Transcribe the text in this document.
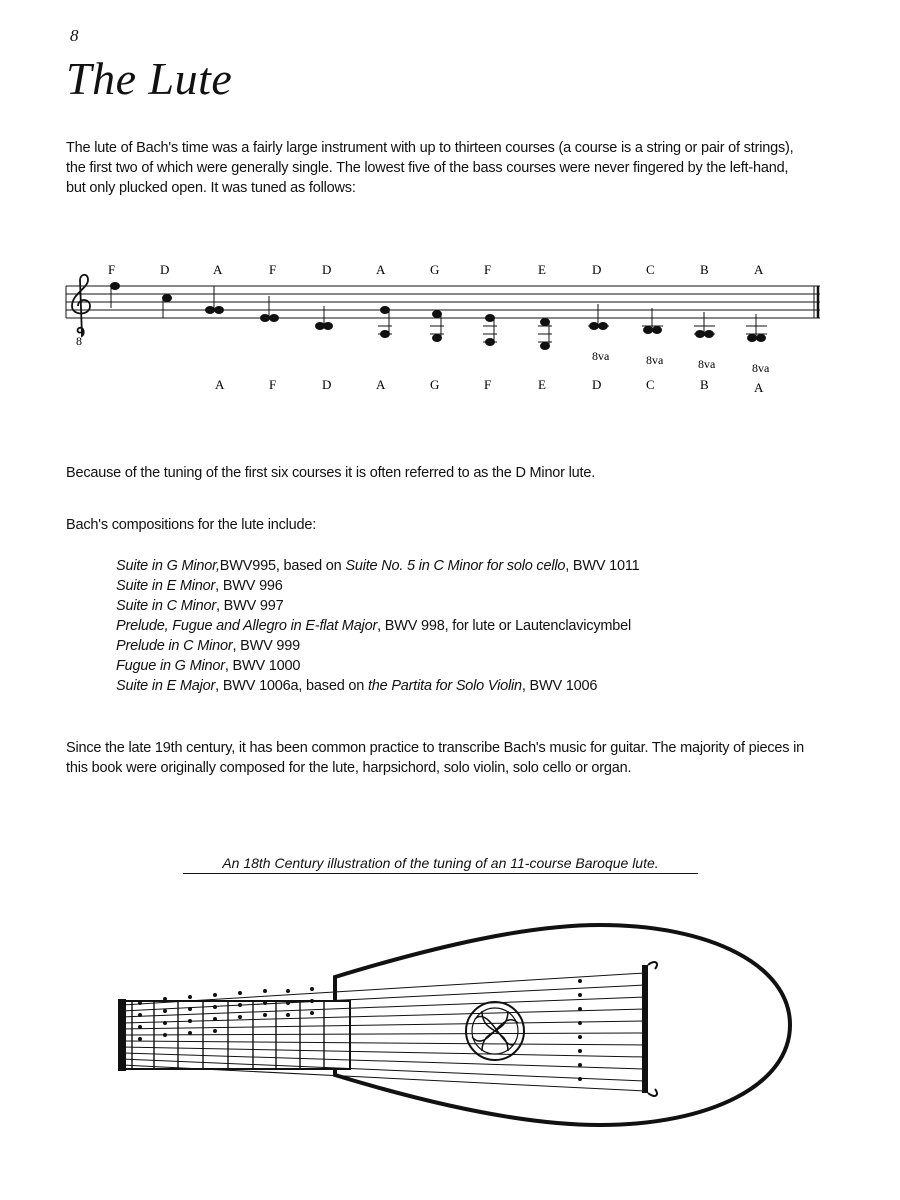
8
The Lute

The lute of Bach's time was a fairly large instrument with up to thirteen courses (a course is a string or pair of strings), the first two of which were generally single. The lowest five of the bass courses were never fingered by the left-hand, but only plucked open. It was tuned as follows:

8
F	D	A	F	D	A	G	F	E	D	C	B	A
8va	8va	8va	8va
A	F	D	A	G	F	E	D	C	B	A

Because of the tuning of the first six courses it is often referred to as the D Minor lute.

Bach's compositions for the lute include:

Suite in G Minor,BWV995, based on Suite No. 5 in C Minor for solo cello, BWV 1011
Suite in E Minor, BWV 996
Suite in C Minor, BWV 997
Prelude, Fugue and Allegro in E-flat Major, BWV 998, for lute or Lautenclavicymbel
Prelude in C Minor, BWV 999
Fugue in G Minor, BWV 1000
Suite in E Major, BWV 1006a, based on the Partita for Solo Violin, BWV 1006

Since the late 19th century, it has been common practice to transcribe Bach's music for guitar. The majority of pieces in this book were originally composed for the lute, harpsichord, solo violin, solo cello or organ.

An 18th Century illustration of the tuning of an 11-course Baroque lute.
